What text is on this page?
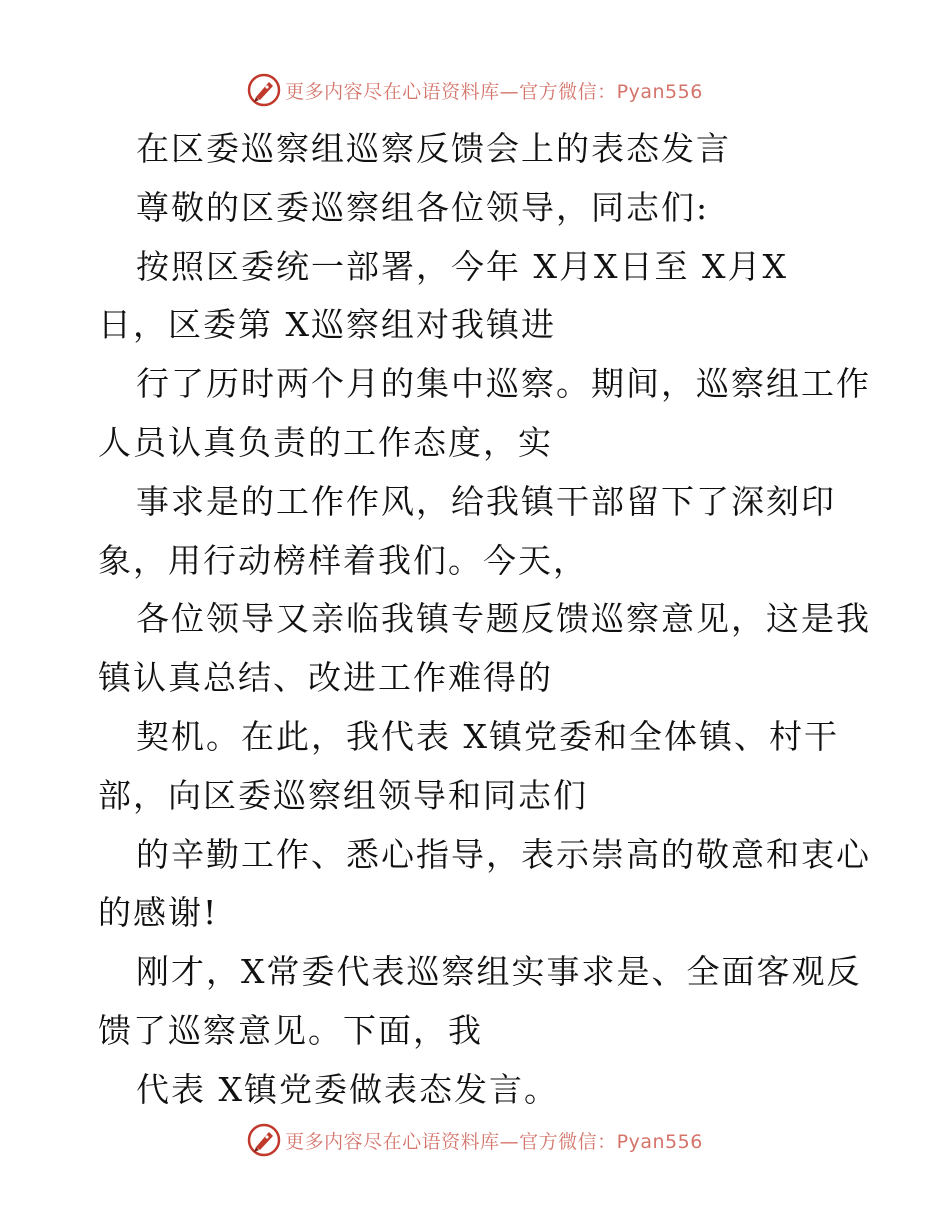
更多内容尽在心语资料库—官方微信：Pyan556
在区委巡察组巡察反馈会上的表态发言
尊敬的区委巡察组各位领导，同志们:
按照区委统一部署，今年 X月X日至 X月X
日，区委第 X巡察组对我镇进
行了历时两个月的集中巡察。期间，巡察组工作
人员认真负责的工作态度，实
事求是的工作作风，给我镇干部留下了深刻印
象，用行动榜样着我们。今天，
各位领导又亲临我镇专题反馈巡察意见，这是我
镇认真总结、改进工作难得的
契机。在此，我代表 X镇党委和全体镇、村干
部，向区委巡察组领导和同志们
的辛勤工作、悉心指导，表示崇高的敬意和衷心
的感谢!
刚才，X常委代表巡察组实事求是、全面客观反
馈了巡察意见。下面，我
代表 X镇党委做表态发言。
更多内容尽在心语资料库—官方微信：Pyan556
